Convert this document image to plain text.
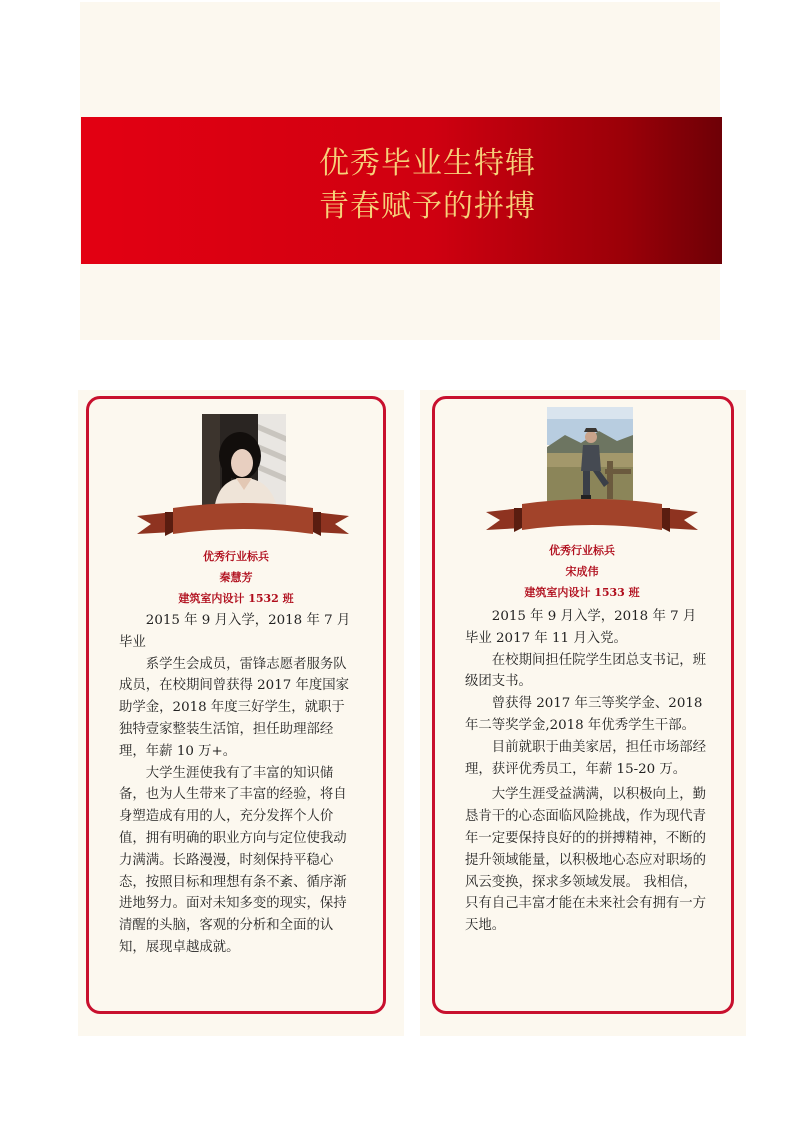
优秀毕业生特辑
青春赋予的拼搏
优秀行业标兵
秦慧芳
建筑室内设计 1532 班

2015 年 9 月入学，2018 年 7 月毕业

系学生会成员，雷锋志愿者服务队成员，在校期间曾获得 2017 年度国家助学金，2018 年度三好学生，就职于独特壹家整装生活馆，担任助理部经理，年薪 10 万+。

大学生涯使我有了丰富的知识储备，也为人生带来了丰富的经验，将自身塑造成有用的人，充分发挥个人价值，拥有明确的职业方向与定位使我动力满满。长路漫漫，时刻保持平稳心态，按照目标和理想有条不紊、循序渐进地努力。面对未知多变的现实，保持清醒的头脑，客观的分析和全面的认知，展现卓越成就。

优秀行业标兵
宋成伟
建筑室内设计 1533 班

2015 年 9 月入学，2018 年 7 月毕业 2017 年 11 月入党。

在校期间担任院学生团总支书记，班级团支书。

曾获得 2017 年三等奖学金、2018 年二等奖学金,2018 年优秀学生干部。

目前就职于曲美家居，担任市场部经理，获评优秀员工，年薪 15-20 万。

大学生涯受益满满，以积极向上，勤恳肯干的心态面临风险挑战，作为现代青年一定要保持良好的的拼搏精神，不断的提升领域能量，以积极地心态应对职场的风云变换，探求多领域发展。 我相信，只有自己丰富才能在未来社会有拥有一方天地。
